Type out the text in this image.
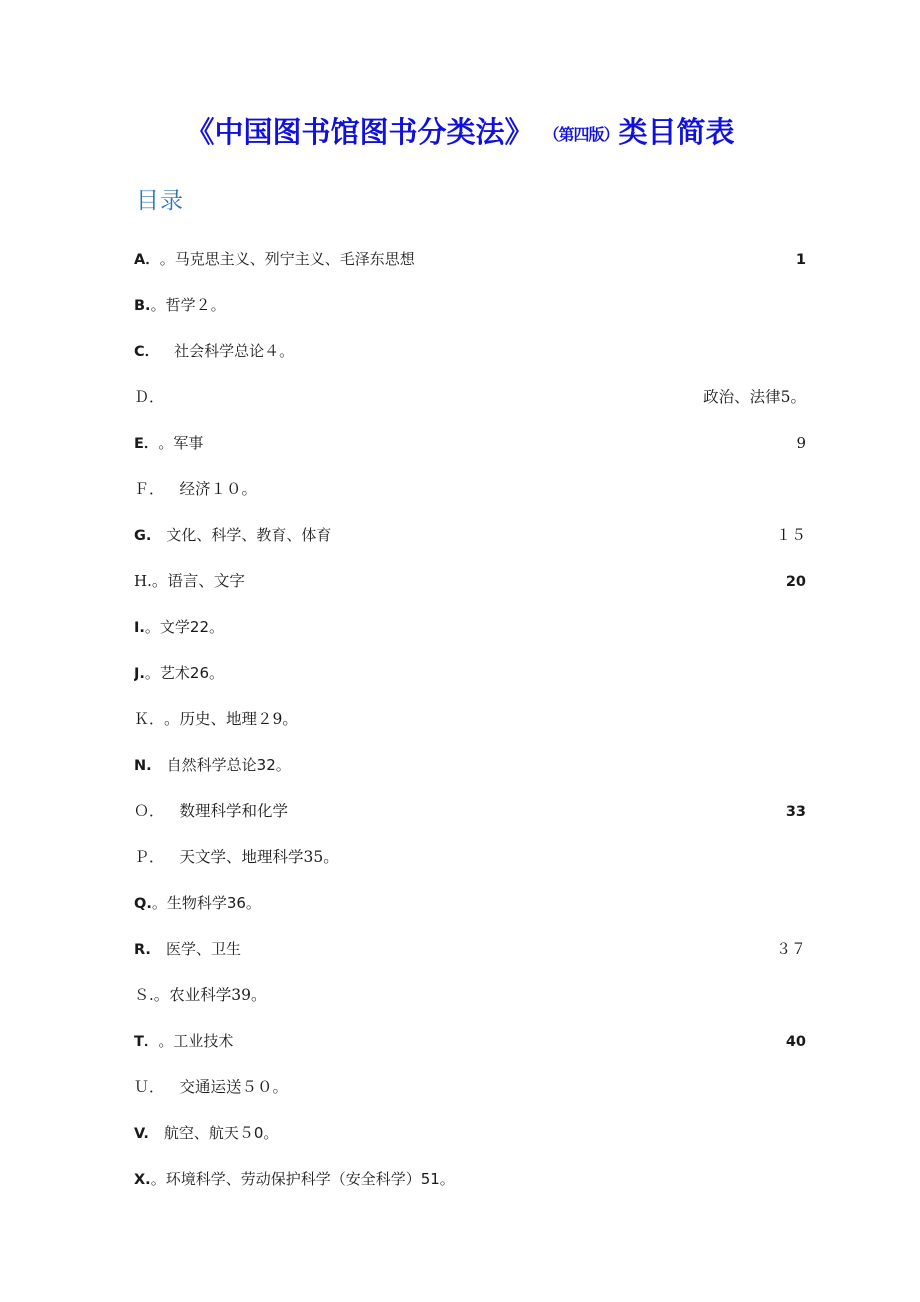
《中国图书馆图书分类法》 （第四版）类目简表
目录
A． 。马克思主义、列宁主义、毛泽东思想 .....	1
B. 。哲学２。
C． 　社会科学总论４。
Ｄ． .....	政治、法律5。
E． 。军事 .....	9
Ｆ． 　经济１０。
G. 　文化、科学、教育、体育 .....	１５
H. 。语言、文字 .....	20
I. 。文学22。
J. 。艺术26。
Ｋ． 。历史、地理２9。
N. 　自然科学总论32。
Ｏ． 　数理科学和化学 .....	33
Ｐ． 　天文学、地理科学35。
Q. 。生物科学36。
R. 　医学、卫生 .....	３７
Ｓ. 。农业科学39。
T． 。工业技术 .....	40
Ｕ． 　交通运送５０。
V. 　航空、航天５0。
X. 。环境科学、劳动保护科学（安全科学）51。
